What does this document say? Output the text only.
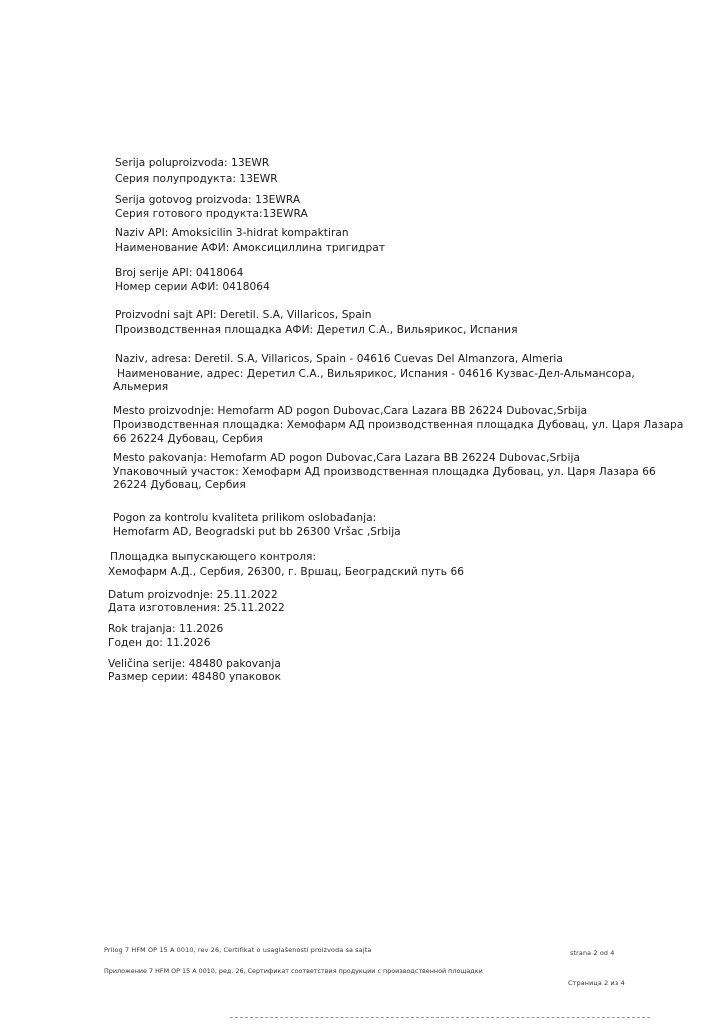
Serija poluproizvoda: 13EWR
Серия полупродукта: 13EWR
Serija gotovog proizvoda: 13EWRA
Серия готового продукта:13EWRA
Naziv API: Amoksicilin 3-hidrat kompaktiran
Наименование АФИ: Амоксициллина тригидрат
Broj serije API: 0418064
Номер серии АФИ: 0418064
Proizvodni sajt API: Deretil. S.A, Villaricos, Spain
Производственная площадка АФИ: Деретил С.А., Вильярикос, Испания
Naziv, adresa: Deretil. S.A, Villaricos, Spain - 04616 Cuevas Del Almanzora, Almeria
Наименование, адрес: Деретил С.А., Вильярикос, Испания - 04616 Кузвас-Дел-Альмансора,
Альмерия
Mesto proizvodnje: Hemofarm AD pogon Dubovac,Cara Lazara BB 26224 Dubovac,Srbija
Производственная площадка: Хемофарм АД производственная площадка Дубовац, ул. Царя Лазара
66 26224 Дубовац, Сербия
Mesto pakovanja: Hemofarm AD pogon Dubovac,Cara Lazara BB 26224 Dubovac,Srbija
Упаковочный участок: Хемофарм АД производственная площадка Дубовац, ул. Царя Лазара 66
26224 Дубовац, Сербия
Pogon za kontrolu kvaliteta prilikom oslobađanja:
Hemofarm AD, Beogradski put bb 26300 Vršac ,Srbija
Площадка выпускающего контроля:
Хемофарм А.Д., Сербия, 26300, г. Вршац, Београдский путь 66
Datum proizvodnje: 25.11.2022
Дата изготовления: 25.11.2022
Rok trajanja: 11.2026
Годен до: 11.2026
Veličina serije: 48480 pakovanja
Размер серии: 48480 упаковок
Prilog 7 HFM OP 15 A 0010, rev 26, Certifikat o usaglašenosti proizvoda sa sajta	strana 2 od 4
Приложение 7 HFM OP 15 A 0010, ред. 26, Сертификат соответствия продукции с производственной площадки
Страница 2 из 4
